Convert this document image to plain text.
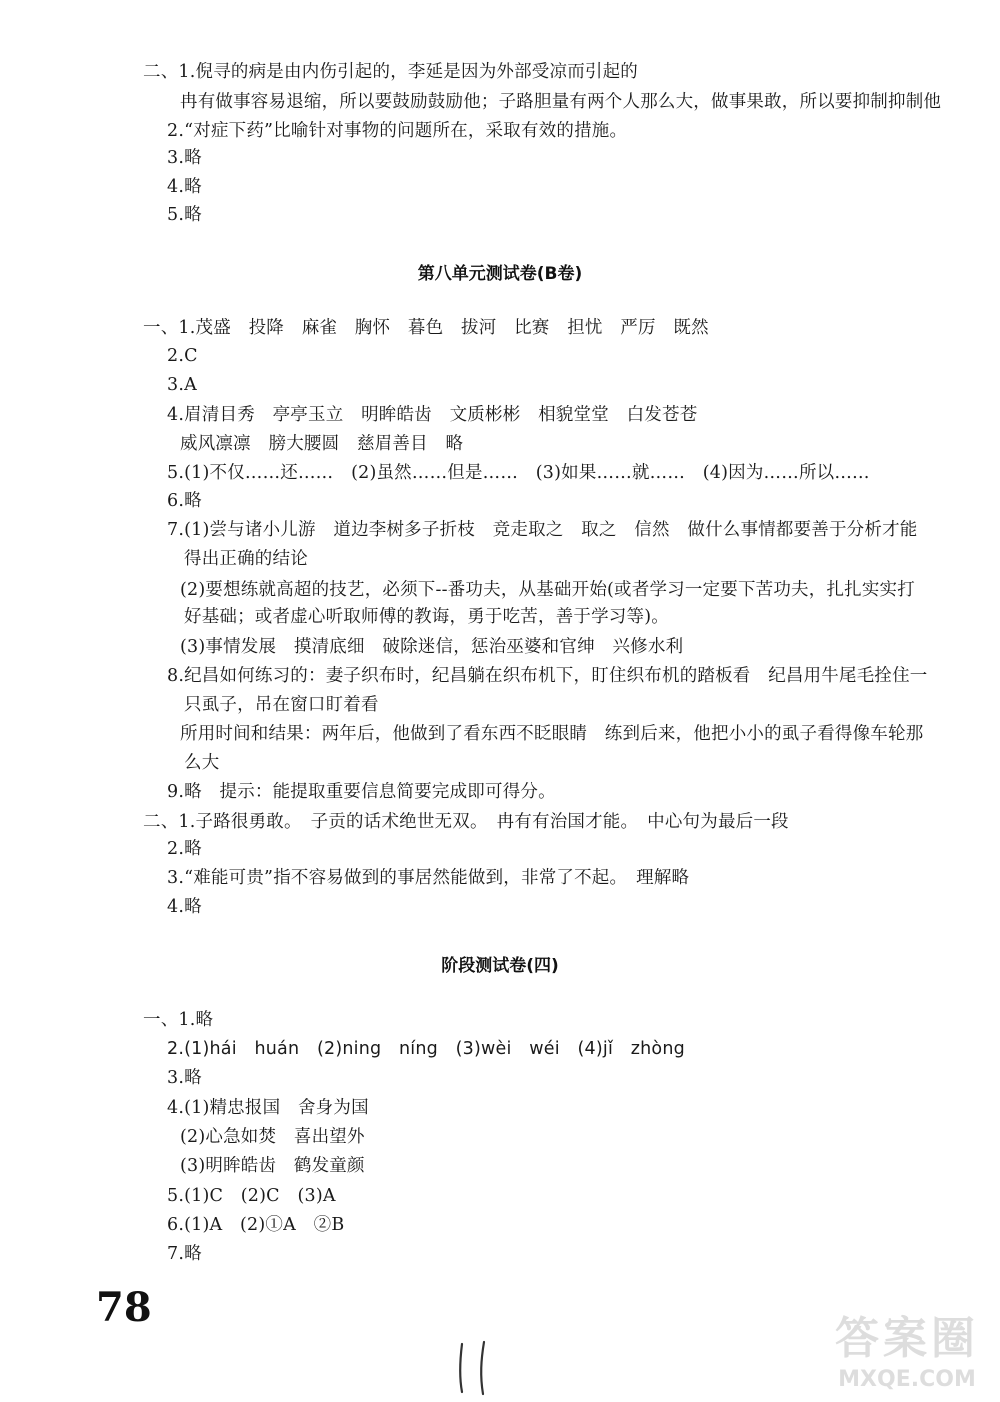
二、1.倪寻的病是由内伤引起的，李延是因为外部受凉而引起的
冉有做事容易退缩，所以要鼓励鼓励他；子路胆量有两个人那么大，做事果敢，所以要抑制抑制他
2.“对症下药”比喻针对事物的问题所在，采取有效的措施。
3.略
4.略
5.略
第八单元测试卷(B卷)
一、1.茂盛　投降　麻雀　胸怀　暮色　拔河　比赛　担忧　严厉　既然
2.C
3.A
4.眉清目秀　亭亭玉立　明眸皓齿　文质彬彬　相貌堂堂　白发苍苍
威风凛凛　膀大腰圆　慈眉善目　略
5.(1)不仅……还……　(2)虽然……但是……　(3)如果……就……　(4)因为……所以……
6.略
7.(1)尝与诸小儿游　道边李树多子折枝　竞走取之　取之　信然　做什么事情都要善于分析才能
得出正确的结论
(2)要想练就高超的技艺，必须下--番功夫，从基础开始(或者学习一定要下苦功夫，扎扎实实打
好基础；或者虚心听取师傅的教诲，勇于吃苦，善于学习等)。
(3)事情发展　摸清底细　破除迷信，惩治巫婆和官绅　兴修水利
8.纪昌如何练习的：妻子织布时，纪昌躺在织布机下，盯住织布机的踏板看　纪昌用牛尾毛拴住一
只虱子，吊在窗口盯着看
所用时间和结果：两年后，他做到了看东西不眨眼睛　练到后来，他把小小的虱子看得像车轮那
么大
9.略　提示：能提取重要信息简要完成即可得分。
二、1.子路很勇敢。　子贡的话术绝世无双。　冉有有治国才能。　中心句为最后一段
2.略
3.“难能可贵”指不容易做到的事居然能做到，非常了不起。　理解略
4.略
阶段测试卷(四)
一、1.略
2.(1)hái　huán　(2)ning　níng　(3)wèi　wéi　(4)jǐ　zhòng
3.略
4.(1)精忠报国　舍身为国
(2)心急如焚　喜出望外
(3)明眸皓齿　鹤发童颜
5.(1)C　(2)C　(3)A
6.(1)A　(2)①A　②B
7.略
78
答案圈
MXQE.COM
